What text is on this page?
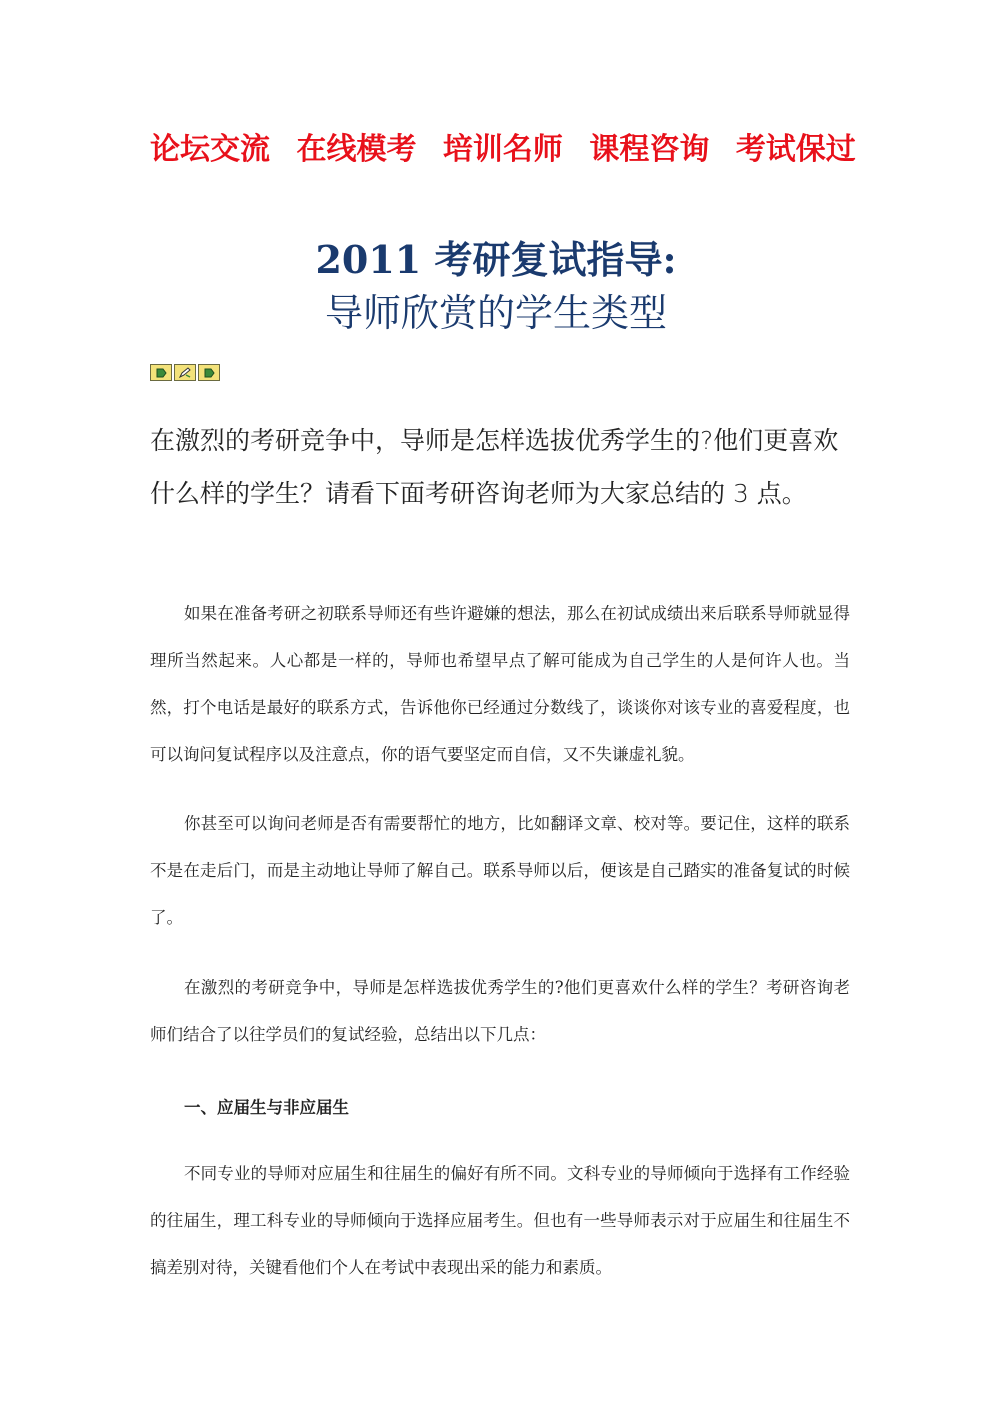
论坛交流 在线模考 培训名师 课程咨询 考试保过
2011 考研复试指导:
导师欣赏的学生类型
在激烈的考研竞争中，导师是怎样选拔优秀学生的?他们更喜欢什么样的学生？请看下面考研咨询老师为大家总结的 3 点。
如果在准备考研之初联系导师还有些许避嫌的想法，那么在初试成绩出来后联系导师就显得理所当然起来。人心都是一样的，导师也希望早点了解可能成为自己学生的人是何许人也。当然，打个电话是最好的联系方式，告诉他你已经通过分数线了，谈谈你对该专业的喜爱程度，也可以询问复试程序以及注意点，你的语气要坚定而自信，又不失谦虚礼貌。
你甚至可以询问老师是否有需要帮忙的地方，比如翻译文章、校对等。要记住，这样的联系不是在走后门，而是主动地让导师了解自己。联系导师以后，便该是自己踏实的准备复试的时候了。
在激烈的考研竞争中，导师是怎样选拔优秀学生的?他们更喜欢什么样的学生？考研咨询老师们结合了以往学员们的复试经验，总结出以下几点：
一、应届生与非应届生
不同专业的导师对应届生和往届生的偏好有所不同。文科专业的导师倾向于选择有工作经验的往届生，理工科专业的导师倾向于选择应届考生。但也有一些导师表示对于应届生和往届生不搞差别对待，关键看他们个人在考试中表现出采的能力和素质。
